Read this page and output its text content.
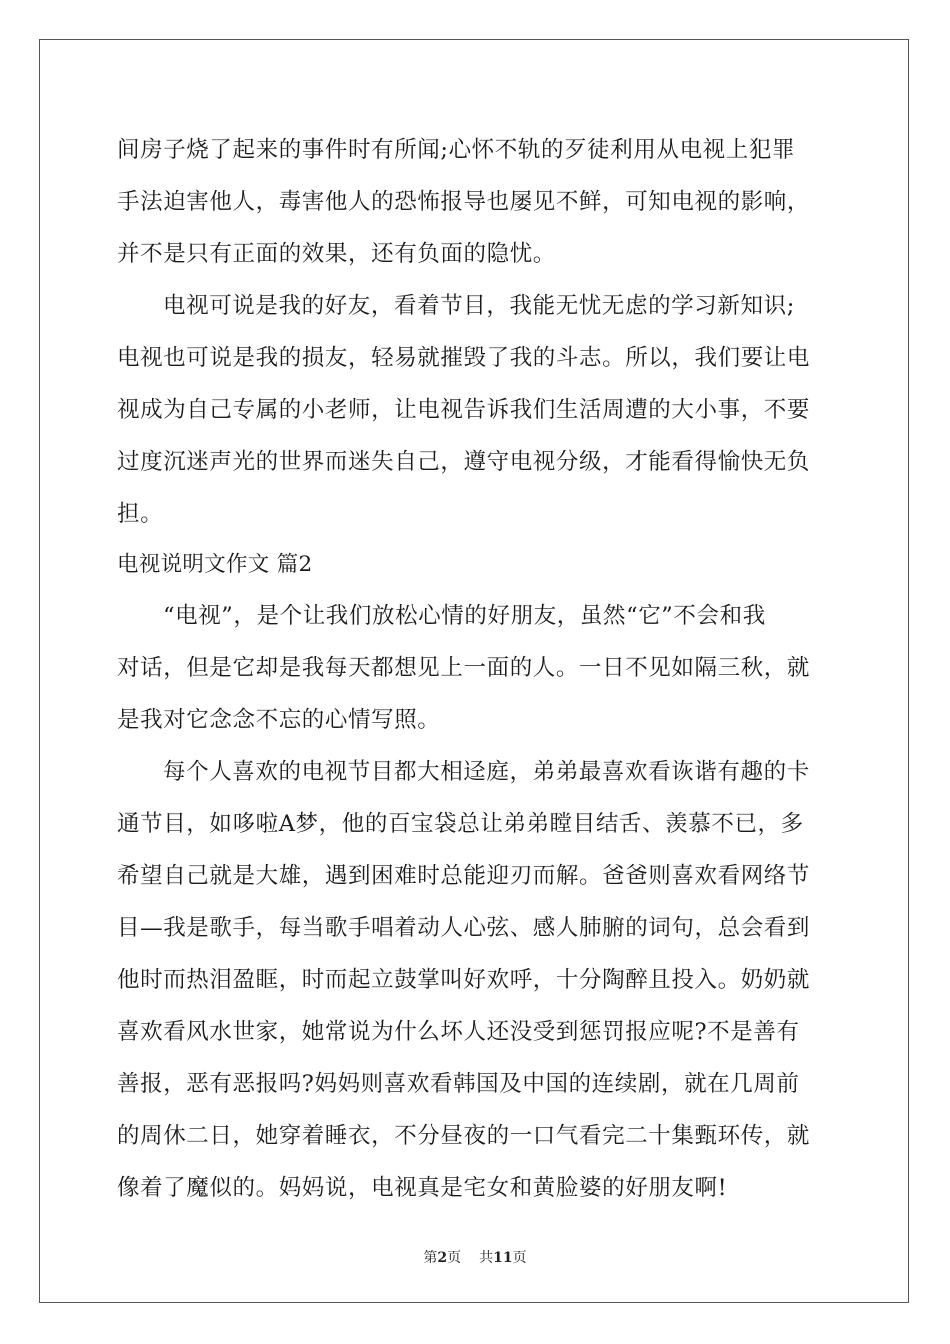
间房子烧了起来的事件时有所闻;心怀不轨的歹徒利用从电视上犯罪
手法迫害他人，毒害他人的恐怖报导也屡见不鲜，可知电视的影响，
并不是只有正面的效果，还有负面的隐忧。
电视可说是我的好友，看着节目，我能无忧无虑的学习新知识;
电视也可说是我的损友，轻易就摧毁了我的斗志。所以，我们要让电
视成为自己专属的小老师，让电视告诉我们生活周遭的大小事，不要
过度沉迷声光的世界而迷失自己，遵守电视分级，才能看得愉快无负
担。
电视说明文作文 篇2
“电视”，是个让我们放松心情的好朋友，虽然“它”不会和我
对话，但是它却是我每天都想见上一面的人。一日不见如隔三秋，就
是我对它念念不忘的心情写照。
每个人喜欢的电视节目都大相迳庭，弟弟最喜欢看诙谐有趣的卡
通节目，如哆啦A梦，他的百宝袋总让弟弟瞠目结舌、羡慕不已，多
希望自己就是大雄，遇到困难时总能迎刃而解。爸爸则喜欢看网络节
目—我是歌手，每当歌手唱着动人心弦、感人肺腑的词句，总会看到
他时而热泪盈眶，时而起立鼓掌叫好欢呼，十分陶醉且投入。奶奶就
喜欢看风水世家，她常说为什么坏人还没受到惩罚报应呢?不是善有
善报，恶有恶报吗?妈妈则喜欢看韩国及中国的连续剧，就在几周前
的周休二日，她穿着睡衣，不分昼夜的一口气看完二十集甄环传，就
像着了魔似的。妈妈说，电视真是宅女和黄脸婆的好朋友啊!
第2页 共11页
